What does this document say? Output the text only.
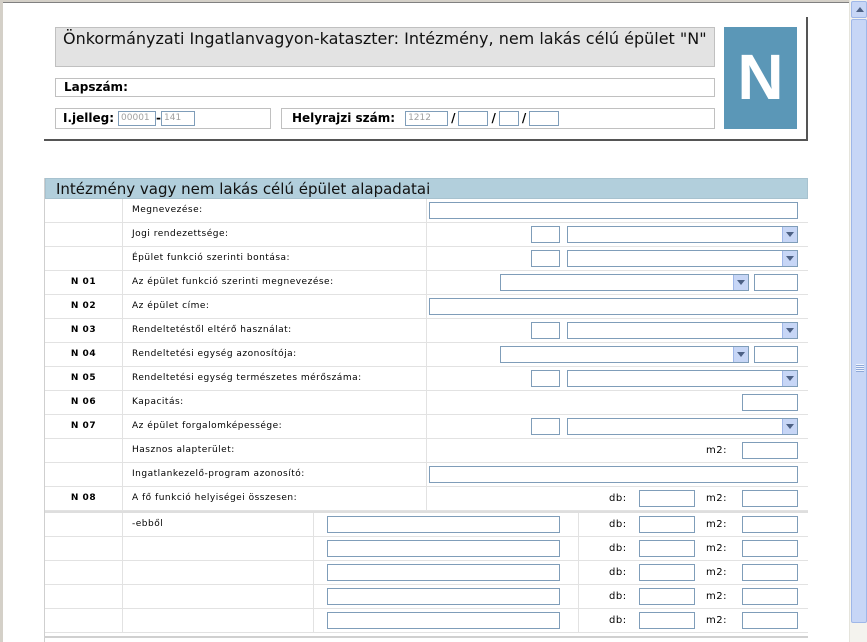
Önkormányzati Ingatlanvagyon-kataszter: Intézmény, nem lakás célú épület "N"
Lapszám:
I.jelleg: 00001 - 141	Helyrajzi szám: 1212 /	/ /
N
Intézmény vagy nem lakás célú épület alapadatai
Megnevezése:
Jogi rendezettsége:
Épület funkció szerinti bontása:
N 01	Az épület funkció szerinti megnevezése:
N 02	Az épület címe:
N 03	Rendeltetéstől eltérő használat:
N 04	Rendeltetési egység azonosítója:
N 05	Rendeltetési egység természetes mérőszáma:
N 06	Kapacitás:
N 07	Az épület forgalomképessége:
Hasznos alapterület:	m2:
Ingatlankezelő-program azonosító:
N 08	A fő funkció helyiségei összesen:	db:	m2:
-ebből	db:	m2:
db:	m2:
db:	m2:
db:	m2:
db:	m2:
